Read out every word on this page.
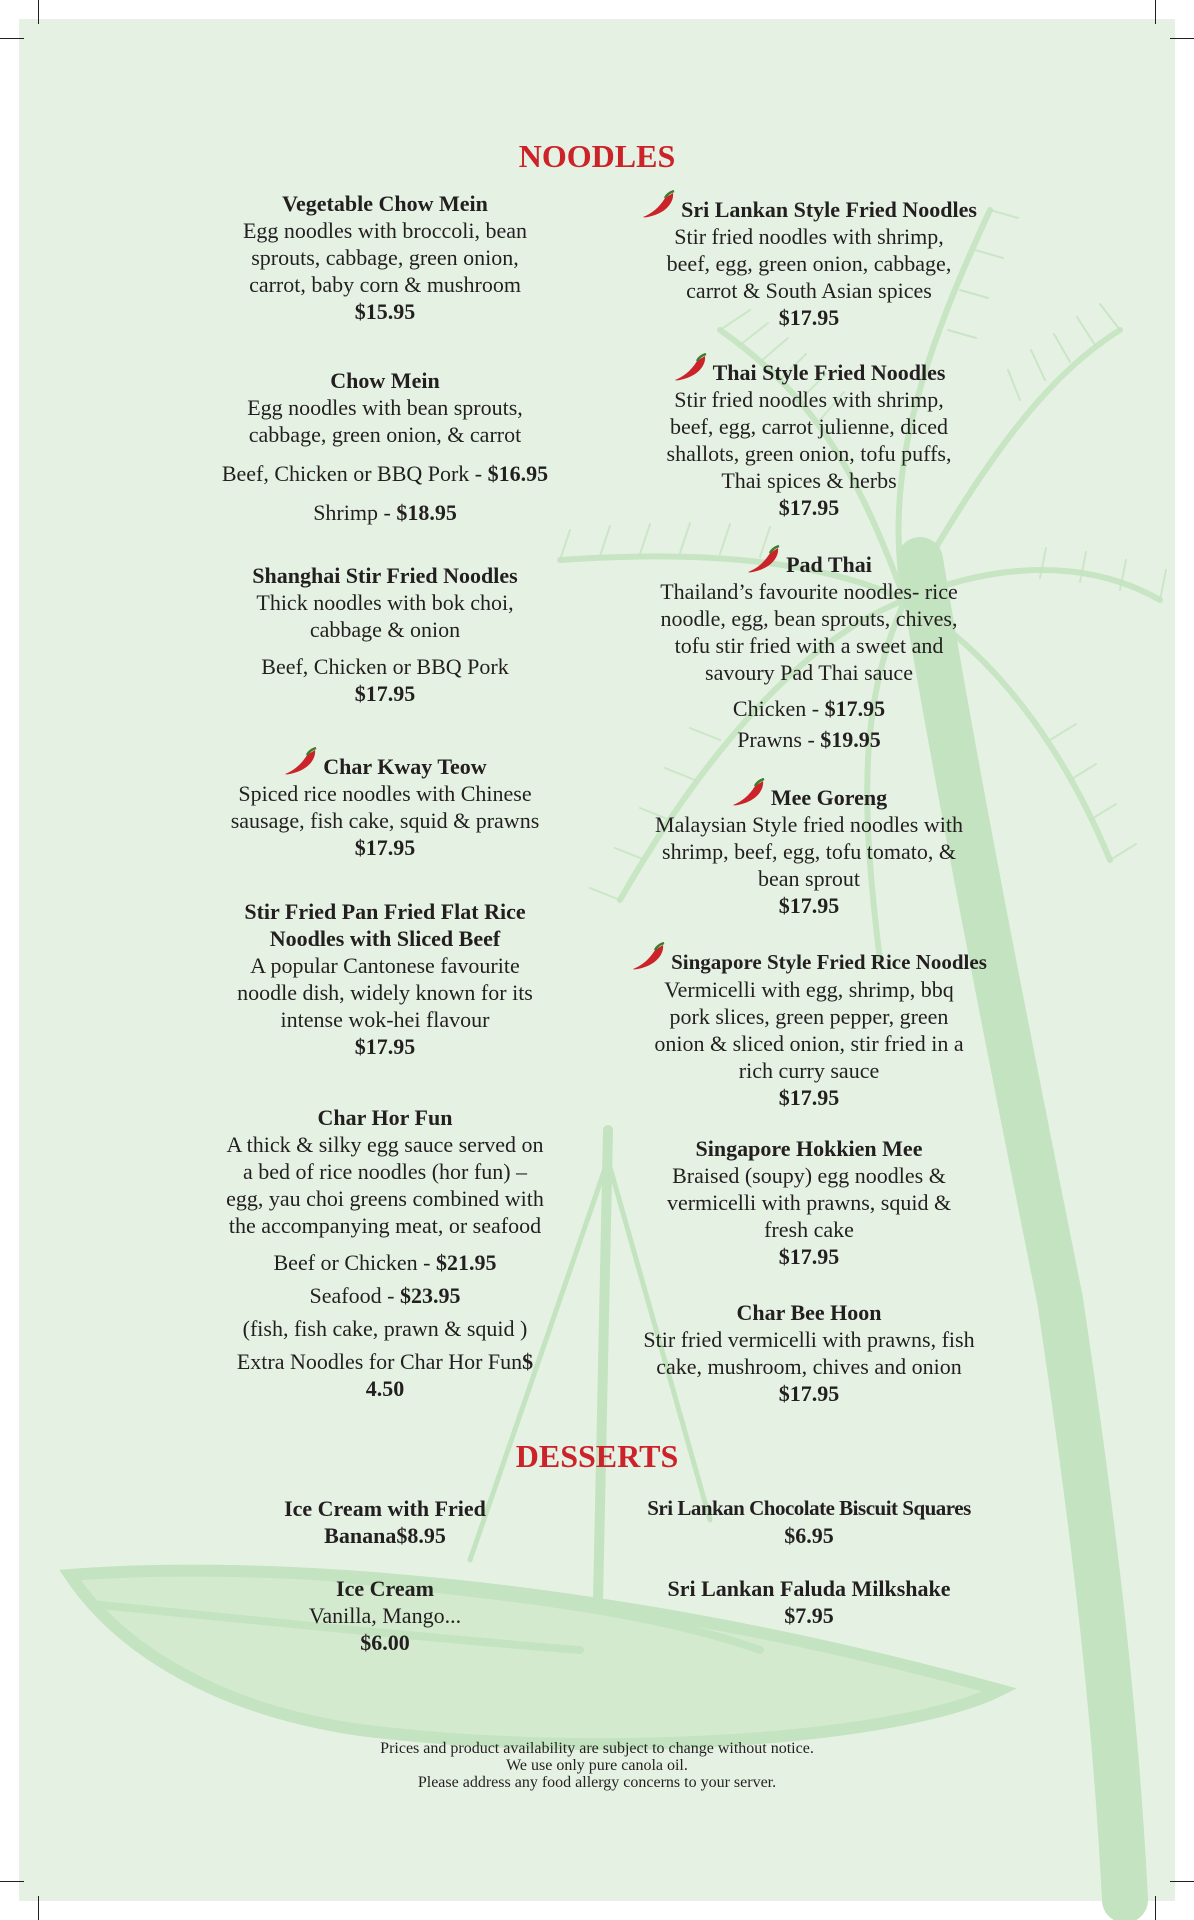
NOODLES
Vegetable Chow Mein
Egg noodles with broccoli, bean
sprouts, cabbage, green onion,
carrot, baby corn & mushroom
$15.95
Chow Mein
Egg noodles with bean sprouts,
cabbage, green onion, & carrot
Beef, Chicken or BBQ Pork - $16.95
Shrimp - $18.95
Shanghai Stir Fried Noodles
Thick noodles with bok choi,
cabbage & onion
Beef, Chicken or BBQ Pork
$17.95
Char Kway Teow
Spiced rice noodles with Chinese
sausage, fish cake, squid & prawns
$17.95
Stir Fried Pan Fried Flat Rice
Noodles with Sliced Beef
A popular Cantonese favourite
noodle dish, widely known for its
intense wok-hei flavour
$17.95
Char Hor Fun
A thick & silky egg sauce served on
a bed of rice noodles (hor fun) –
egg, yau choi greens combined with
the accompanying meat, or seafood
Beef or Chicken - $21.95
Seafood - $23.95
(fish, fish cake, prawn & squid )
Extra Noodles for Char Hor Fun$
4.50
Sri Lankan Style Fried Noodles
Stir fried noodles with shrimp,
beef, egg, green onion, cabbage,
carrot & South Asian spices
$17.95
Thai Style Fried Noodles
Stir fried noodles with shrimp,
beef, egg, carrot julienne, diced
shallots, green onion, tofu puffs,
Thai spices & herbs
$17.95
Pad Thai
Thailand’s favourite noodles- rice
noodle, egg, bean sprouts, chives,
tofu stir fried with a sweet and
savoury Pad Thai sauce
Chicken - $17.95
Prawns - $19.95
Mee Goreng
Malaysian Style fried noodles with
shrimp, beef, egg, tofu tomato, &
bean sprout
$17.95
Singapore Style Fried Rice Noodles
Vermicelli with egg, shrimp, bbq
pork slices, green pepper, green
onion & sliced onion, stir fried in a
rich curry sauce
$17.95
Singapore Hokkien Mee
Braised (soupy) egg noodles &
vermicelli with prawns, squid &
fresh cake
$17.95
Char Bee Hoon
Stir fried vermicelli with prawns, fish
cake, mushroom, chives and onion
$17.95
DESSERTS
Ice Cream with Fried
Banana$8.95
Ice Cream
Vanilla, Mango...
$6.00
Sri Lankan Chocolate Biscuit Squares
$6.95
Sri Lankan Faluda Milkshake
$7.95
Prices and product availability are subject to change without notice.
We use only pure canola oil.
Please address any food allergy concerns to your server.
